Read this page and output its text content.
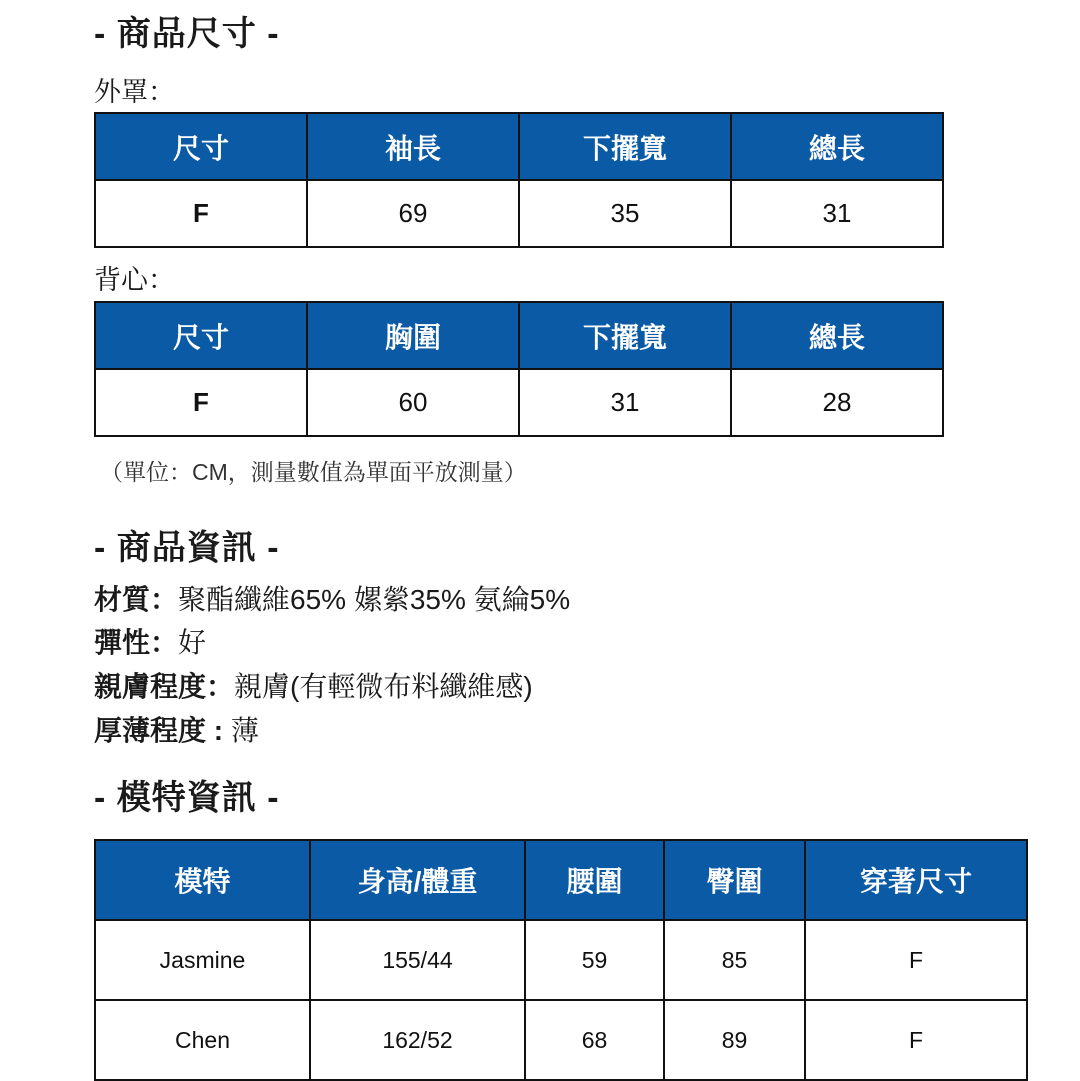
- 商品尺寸 -
外罩：
尺寸	袖長	下擺寬	總長
F	69	35	31
背心：
尺寸	胸圍	下擺寬	總長
F	60	31	28
（單位：CM，測量數值為單面平放測量）
- 商品資訊 -
材質：聚酯纖維65% 嫘縈35% 氨綸5%
彈性：好
親膚程度：親膚(有輕微布料纖維感)
厚薄程度 : 薄
- 模特資訊 -
模特	身高/體重	腰圍	臀圍	穿著尺寸
Jasmine	155/44	59	85	F
Chen	162/52	68	89	F
